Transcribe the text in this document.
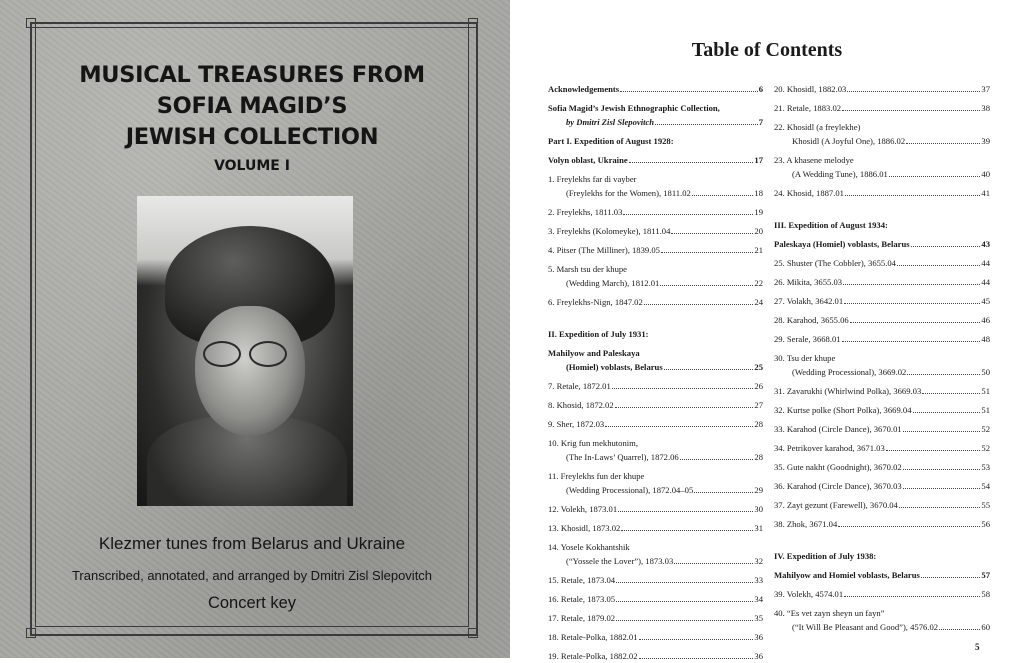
MUSICAL TREASURES FROM
SOFIA MAGID’S
JEWISH COLLECTION
VOLUME I
Klezmer tunes from Belarus and Ukraine
Transcribed, annotated, and arranged by Dmitri Zisl Slepovitch
Concert key
Table of Contents
Acknowledgements	6
Sofia Magid’s Jewish Ethnographic Collection,
by Dmitri Zisl Slepovitch	7
Part I. Expedition of August 1928:
Volyn oblast, Ukraine	17
1. Freylekhs far di vayber
(Freylekhs for the Women), 1811.02	18
2. Freylekhs, 1811.03	19
3. Freylekhs (Kolomeyke), 1811.04	20
4. Pitser (The Milliner), 1839.05	21
5. Marsh tsu der khupe
(Wedding March), 1812.01	22
6. Freylekhs-Nign, 1847.02	24
II. Expedition of July 1931:
Mahilyow and Paleskaya
(Homiel) voblasts, Belarus	25
7. Retale, 1872.01	26
8. Khosid, 1872.02	27
9. Sher, 1872.03	28
10. Krig fun mekhutonim,
(The In-Laws’ Quarrel), 1872.06	28
11. Freylekhs fun der khupe
(Wedding Processional), 1872.04–05	29
12. Volekh, 1873.01	30
13. Khosidl, 1873.02	31
14. Yosele Kokhantshik
(“Yossele the Lover”), 1873.03	32
15. Retale, 1873.04	33
16. Retale, 1873.05	34
17. Retale, 1879.02	35
18. Retale-Polka, 1882.01	36
19. Retale-Polka, 1882.02	36
20. Khosidl, 1882.03	37
21. Retale, 1883.02	38
22. Khosidl (a freylekhe)
Khosidl (A Joyful One), 1886.02	39
23. A khasene melodye
(A Wedding Tune), 1886.01	40
24. Khosid, 1887.01	41
III. Expedition of August 1934:
Paleskaya (Homiel) voblasts, Belarus	43
25. Shuster (The Cobbler), 3655.04	44
26. Mikita, 3655.03	44
27. Volakh, 3642.01	45
28. Karahod, 3655.06	46
29. Serale, 3668.01	48
30. Tsu der khupe
(Wedding Processional), 3669.02	50
31. Zavarukhi (Whirlwind Polka), 3669.03	51
32. Kurtse polke (Short Polka), 3669.04	51
33. Karahod (Circle Dance), 3670.01	52
34. Petrikover karahod, 3671.03	52
35. Gute nakht (Goodnight), 3670.02	53
36. Karahod (Circle Dance), 3670.03	54
37. Zayt gezunt (Farewell), 3670.04	55
38. Zhok, 3671.04	56
IV. Expedition of July 1938:
Mahilyow and Homiel voblasts, Belarus	57
39. Volekh, 4574.01	58
40. “Es vet zayn sheyn un fayn”
(“It Will Be Pleasant and Good”), 4576.02	60
5
